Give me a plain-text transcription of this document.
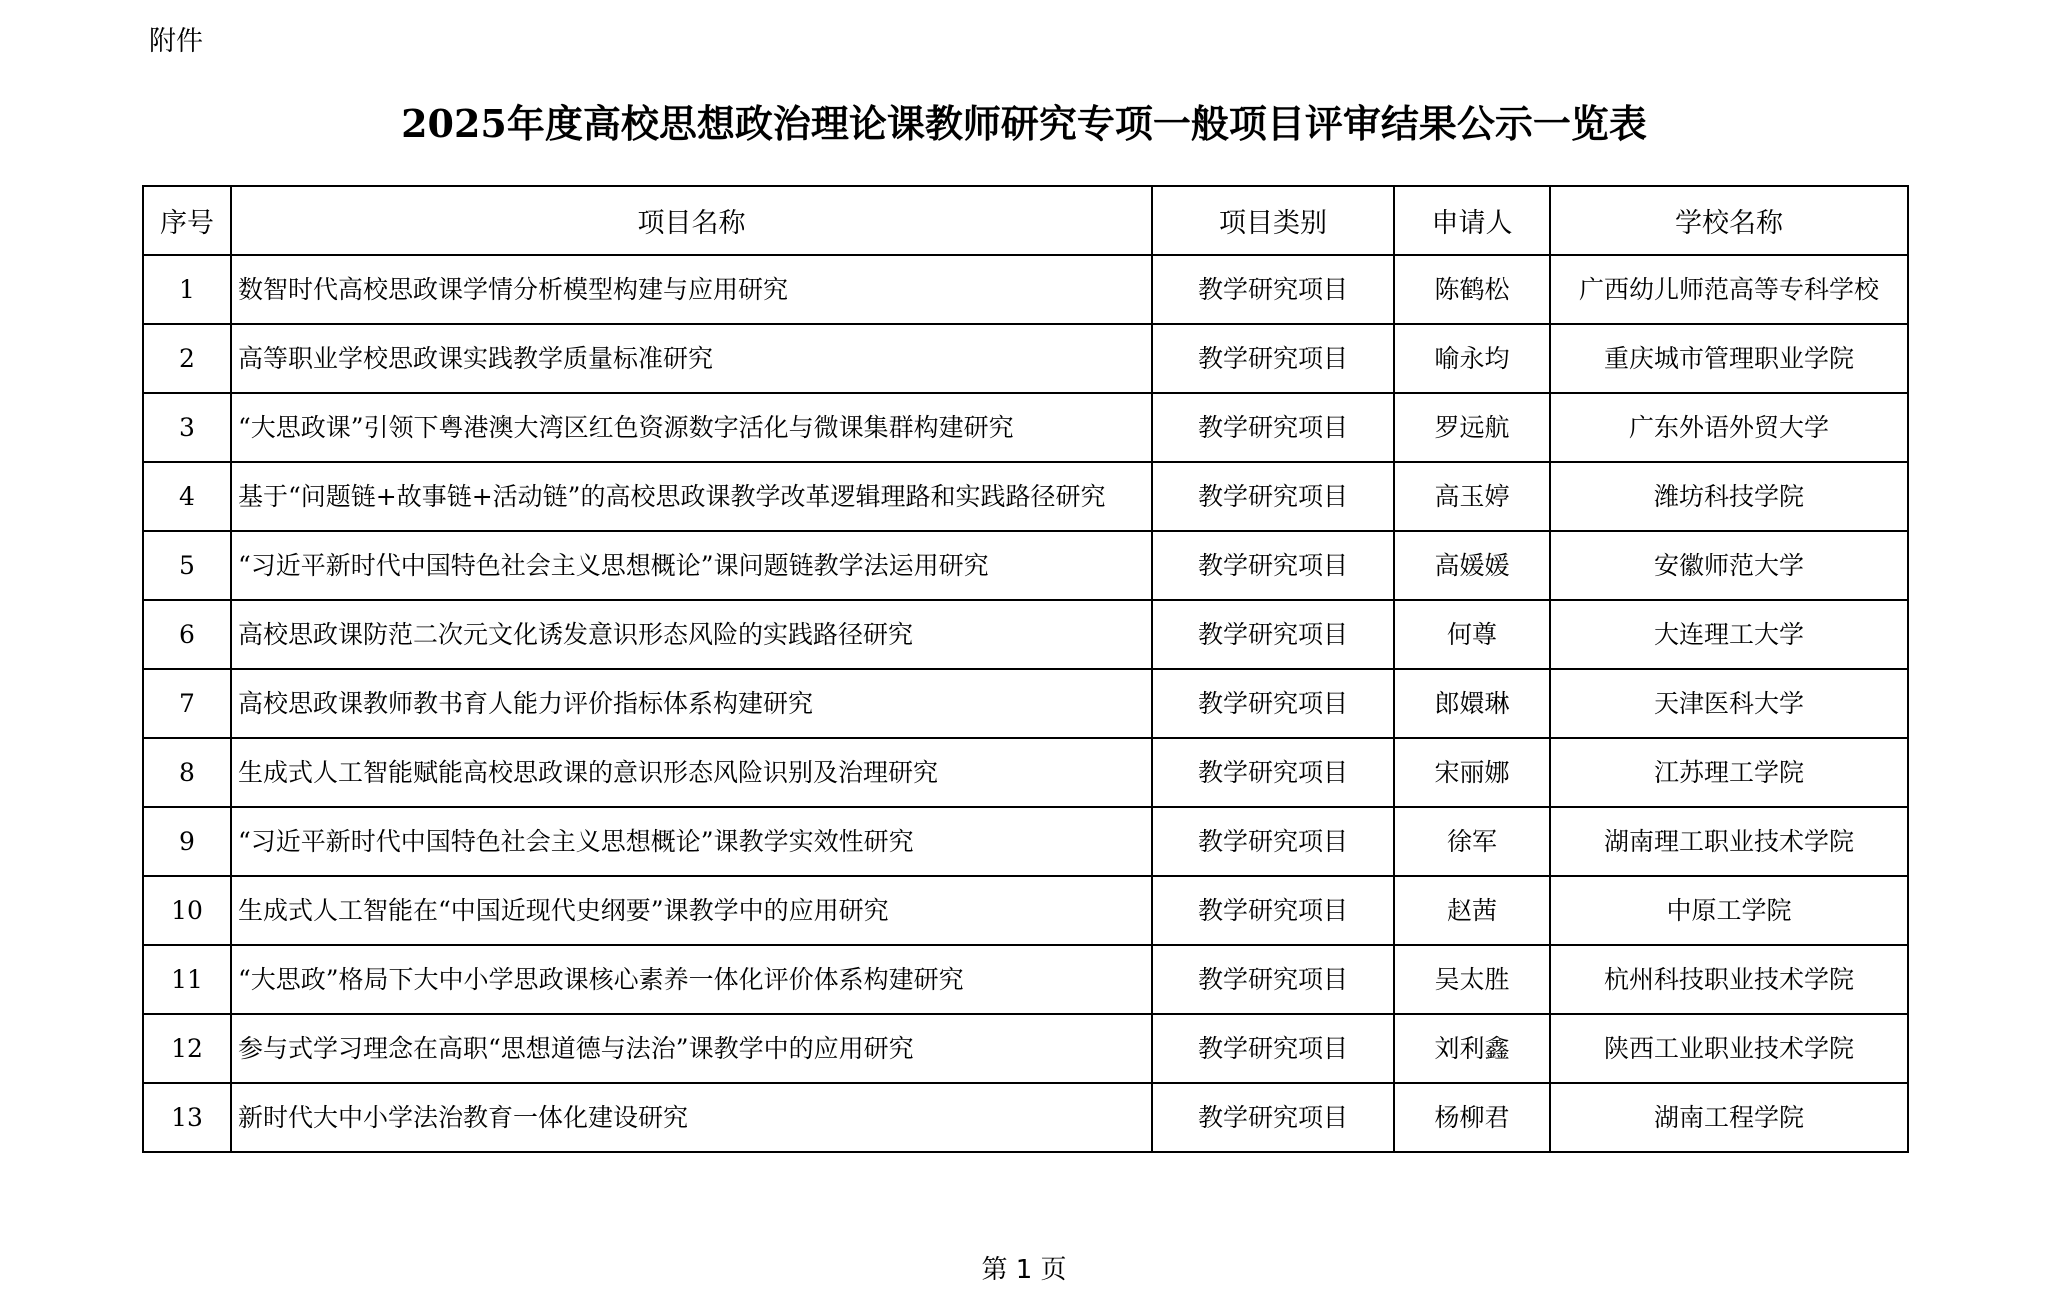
附件
2025年度高校思想政治理论课教师研究专项一般项目评审结果公示一览表
序号	项目名称	项目类别	申请人	学校名称
1	数智时代高校思政课学情分析模型构建与应用研究	教学研究项目	陈鹤松	广西幼儿师范高等专科学校
2	高等职业学校思政课实践教学质量标准研究	教学研究项目	喻永均	重庆城市管理职业学院
3	“大思政课”引领下粤港澳大湾区红色资源数字活化与微课集群构建研究	教学研究项目	罗远航	广东外语外贸大学
4	基于“问题链+故事链+活动链”的高校思政课教学改革逻辑理路和实践路径研究	教学研究项目	高玉婷	潍坊科技学院
5	“习近平新时代中国特色社会主义思想概论”课问题链教学法运用研究	教学研究项目	高媛媛	安徽师范大学
6	高校思政课防范二次元文化诱发意识形态风险的实践路径研究	教学研究项目	何尊	大连理工大学
7	高校思政课教师教书育人能力评价指标体系构建研究	教学研究项目	郎嬛琳	天津医科大学
8	生成式人工智能赋能高校思政课的意识形态风险识别及治理研究	教学研究项目	宋丽娜	江苏理工学院
9	“习近平新时代中国特色社会主义思想概论”课教学实效性研究	教学研究项目	徐军	湖南理工职业技术学院
10	生成式人工智能在“中国近现代史纲要”课教学中的应用研究	教学研究项目	赵茜	中原工学院
11	“大思政”格局下大中小学思政课核心素养一体化评价体系构建研究	教学研究项目	吴太胜	杭州科技职业技术学院
12	参与式学习理念在高职“思想道德与法治”课教学中的应用研究	教学研究项目	刘利鑫	陕西工业职业技术学院
13	新时代大中小学法治教育一体化建设研究	教学研究项目	杨柳君	湖南工程学院
第 1 页
